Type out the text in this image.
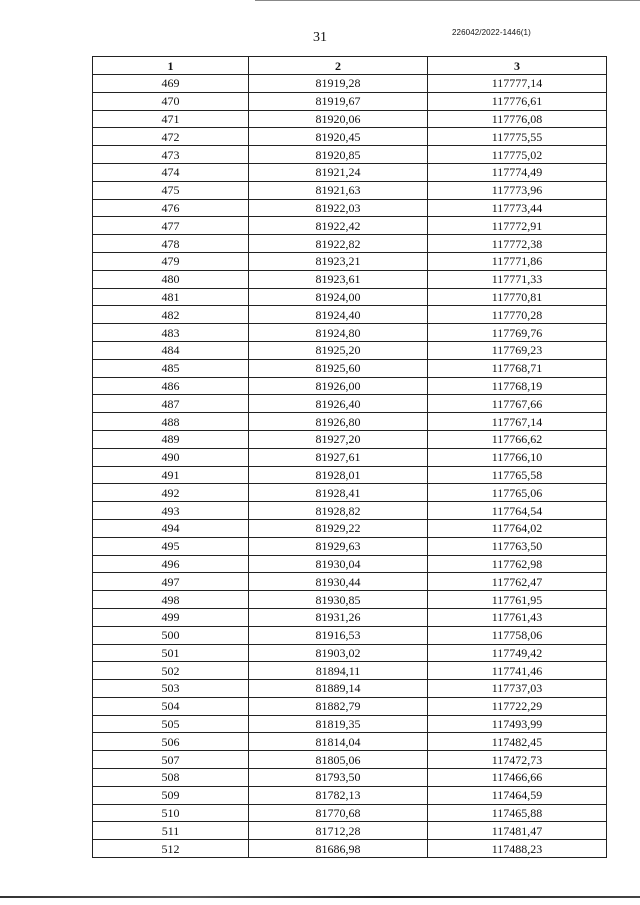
31	226042/2022-1446(1)
1	2	3
469	81919,28	117777,14
470	81919,67	117776,61
471	81920,06	117776,08
472	81920,45	117775,55
473	81920,85	117775,02
474	81921,24	117774,49
475	81921,63	117773,96
476	81922,03	117773,44
477	81922,42	117772,91
478	81922,82	117772,38
479	81923,21	117771,86
480	81923,61	117771,33
481	81924,00	117770,81
482	81924,40	117770,28
483	81924,80	117769,76
484	81925,20	117769,23
485	81925,60	117768,71
486	81926,00	117768,19
487	81926,40	117767,66
488	81926,80	117767,14
489	81927,20	117766,62
490	81927,61	117766,10
491	81928,01	117765,58
492	81928,41	117765,06
493	81928,82	117764,54
494	81929,22	117764,02
495	81929,63	117763,50
496	81930,04	117762,98
497	81930,44	117762,47
498	81930,85	117761,95
499	81931,26	117761,43
500	81916,53	117758,06
501	81903,02	117749,42
502	81894,11	117741,46
503	81889,14	117737,03
504	81882,79	117722,29
505	81819,35	117493,99
506	81814,04	117482,45
507	81805,06	117472,73
508	81793,50	117466,66
509	81782,13	117464,59
510	81770,68	117465,88
511	81712,28	117481,47
512	81686,98	117488,23
